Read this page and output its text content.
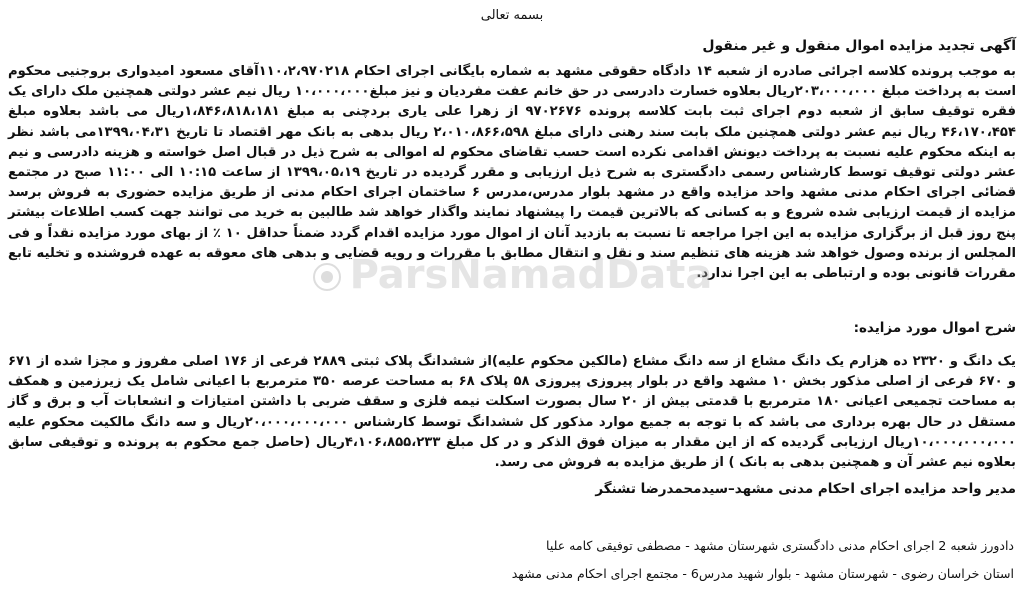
بسمه تعالی
آگهی تجدید مزایده اموال منقول و غیر منقول
به موجب پرونده کلاسه اجرائی صادره از شعبه ۱۴ دادگاه حقوقی مشهد به شماره بایگانی اجرای احکام ۱۱۰،۲،۹۷۰۲۱۸آقای مسعود امیدواری بروجنیی محکوم است به پرداخت مبلغ ۲۰۳،۰۰۰،۰۰۰ریال بعلاوه خسارت دادرسی در حق خانم عفت مفردیان و نیز مبلغ۱۰،۰۰۰،۰۰۰ ریال نیم عشر دولتی همچنین ملک دارای یک فقره توقیف سابق از شعبه دوم اجرای ثبت بابت کلاسه پرونده ۹۷۰۲۶۷۶ از زهرا علی یاری بردچنی به مبلغ ۱،۸۴۶،۸۱۸،۱۸۱ریال می باشد بعلاوه مبلغ ۴۶،۱۷۰،۴۵۴ ریال نیم عشر دولتی همچنین ملک بابت سند رهنی دارای مبلغ ۲،۰۱۰،۸۶۶،۵۹۸ ریال بدهی به بانک مهر اقتصاد تا تاریخ ۱۳۹۹،۰۴،۳۱می باشد نظر به اینکه محکوم علیه نسبت به پرداخت دیونش اقدامی نکرده است حسب تقاضای محکوم له اموالی به شرح ذیل در قبال اصل خواسته و هزینه دادرسی و نیم عشر دولتی توقیف توسط کارشناس رسمی دادگستری به شرح ذیل ارزیابی و مقرر گردیده در تاریخ ۱۳۹۹،۰۵،۱۹ از ساعت ۱۰:۱۵ الی ۱۱:۰۰ صبح در مجتمع قضائی اجرای احکام مدنی مشهد واحد مزایده واقع در مشهد بلوار مدرس،مدرس ۶ ساختمان اجرای احکام مدنی از طریق مزایده حضوری به فروش برسد مزایده از قیمت ارزیابی شده شروع و به کسانی که بالاترین قیمت را پیشنهاد نمایند واگذار خواهد شد طالبین به خرید می توانند جهت کسب اطلاعات بیشتر پنج روز قبل از برگزاری مزایده به این اجرا مراجعه تا نسبت به بازدید آنان از اموال مورد مزایده اقدام گردد ضمناً حداقل ۱۰ ٪ از بهای مورد مزایده نقداً و فی المجلس از برنده وصول خواهد شد هزینه های تنظیم سند و نقل و انتقال مطابق با مقررات و رویه قضایی و بدهی های معوقه به عهده فروشنده و تخلیه تابع مقررات قانونی بوده و ارتباطی به این اجرا ندارد.
شرح اموال مورد مزایده:
یک دانگ و ۲۳۲۰ ده هزارم یک دانگ مشاع از سه دانگ مشاع (مالکین محکوم علیه)از ششدانگ پلاک ثبتی ۲۸۸۹ فرعی از ۱۷۶ اصلی مفروز و مجزا شده از ۶۷۱ و ۶۷۰ فرعی از اصلی مذکور بخش ۱۰ مشهد واقع در بلوار پیروزی پیروزی ۵۸ پلاک ۶۸ به مساحت عرصه ۳۵۰ مترمربع با اعیانی شامل یک زیرزمین و همکف به مساحت تجمیعی اعیانی ۱۸۰ مترمربع با قدمتی بیش از ۲۰ سال بصورت اسکلت نیمه فلزی و سقف ضربی با داشتن امتیازات و انشعابات آب و برق و گاز مستقل در حال بهره برداری می باشد که با توجه به جمیع موارد مذکور کل ششدانگ توسط کارشناس ۲۰،۰۰۰،۰۰۰،۰۰۰ریال و سه دانگ مالکیت محکوم علیه ۱۰،۰۰۰،۰۰۰،۰۰۰ریال ارزیابی گردیده که از این مقدار به میزان فوق الذکر و در کل مبلغ ۴،۱۰۶،۸۵۵،۲۳۳ریال (حاصل جمع محکوم به پرونده و توقیفی سابق بعلاوه نیم عشر آن و همچنین بدهی به بانک ) از طریق مزایده به فروش می رسد.
مدیر واحد مزایده اجرای احکام مدنی مشهد–سیدمحمدرضا تشنگر
دادورز شعبه 2 اجرای احکام مدنی دادگستری شهرستان مشهد - مصطفی توفیقی کامه علیا
استان خراسان رضوی - شهرستان مشهد - بلوار شهید مدرس6 - مجتمع اجرای احکام مدنی مشهد
ParsNamadData
